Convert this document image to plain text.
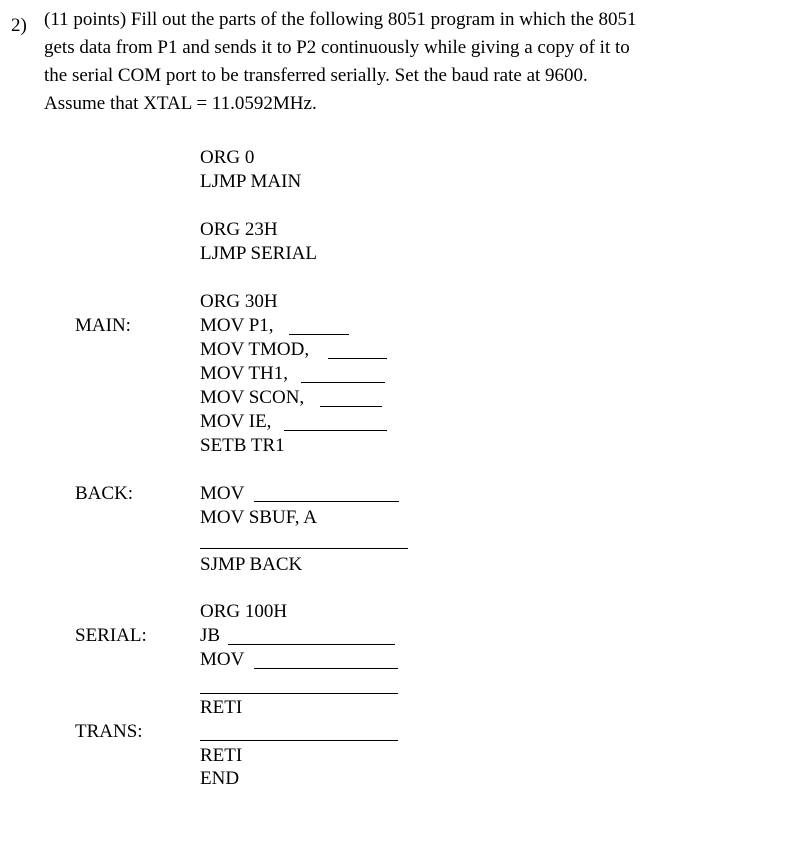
2) (11 points) Fill out the parts of the following 8051 program in which the 8051
gets data from P1 and sends it to P2 continuously while giving a copy of it to
the serial COM port to be transferred serially. Set the baud rate at 9600.
Assume that XTAL = 11.0592MHz.
MAIN:
BACK:
SERIAL:
TRANS:
ORG 0
LJMP MAIN
ORG 23H
LJMP SERIAL
ORG 30H
MOV P1,
MOV TMOD,
MOV TH1,
MOV SCON,
MOV IE,
SETB TR1
MOV
MOV SBUF, A
SJMP BACK
ORG 100H
JB
MOV
RETI
RETI
END
